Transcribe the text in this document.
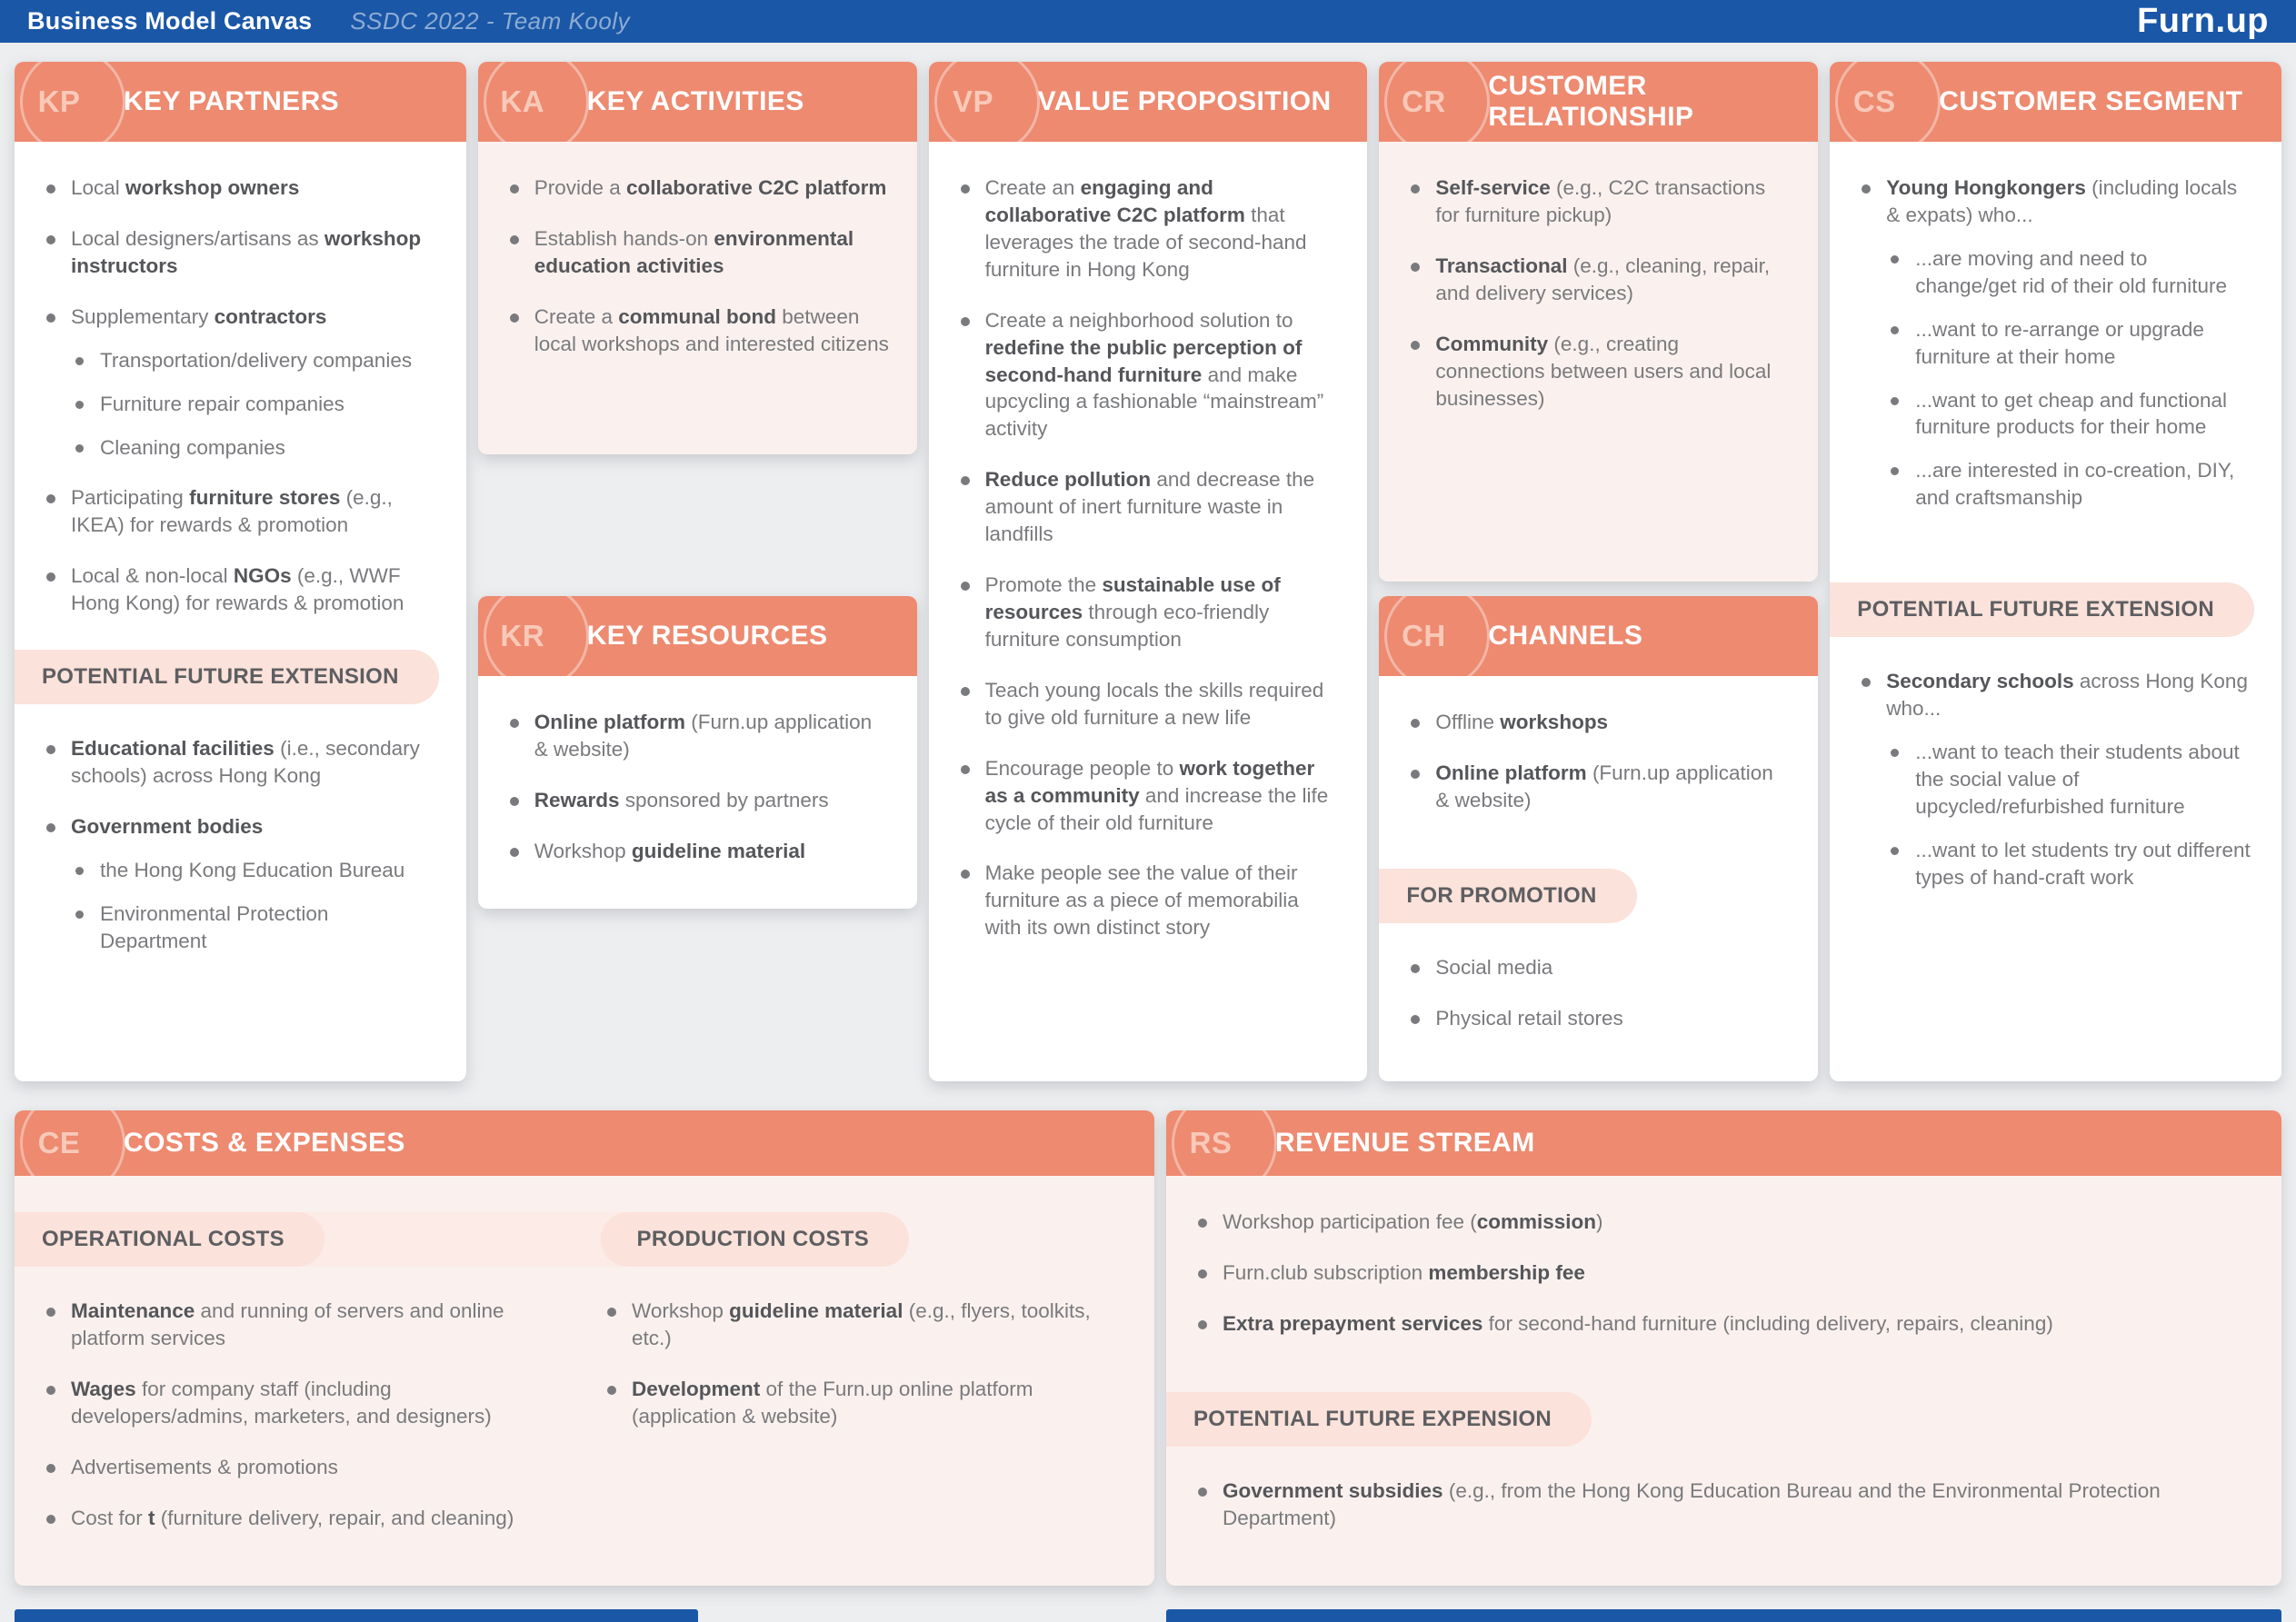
Business Model Canvas SSDC 2022 - Team Kooly	Furn.up
KP	KEY PARTNERS
Local workshop owners
Local designers/artisans as workshop instructors
Supplementary contractors
Transportation/delivery companies
Furniture repair companies
Cleaning companies
Participating furniture stores (e.g., IKEA) for rewards & promotion
Local & non-local NGOs (e.g., WWF Hong Kong) for rewards & promotion
POTENTIAL FUTURE EXTENSION
Educational facilities (i.e., secondary schools) across Hong Kong
Government bodies
the Hong Kong Education Bureau
Environmental Protection Department
KA	KEY ACTIVITIES
Provide a collaborative C2C platform
Establish hands-on environmental education activities
Create a communal bond between local workshops and interested citizens
KR	KEY RESOURCES
Online platform (Furn.up application & website)
Rewards sponsored by partners
Workshop guideline material
VP	VALUE PROPOSITION
Create an engaging and collaborative C2C platform that leverages the trade of second-hand furniture in Hong Kong
Create a neighborhood solution to redefine the public perception of second-hand furniture and make upcycling a fashionable “mainstream” activity
Reduce pollution and decrease the amount of inert furniture waste in landfills
Promote the sustainable use of resources through eco-friendly furniture consumption
Teach young locals the skills required to give old furniture a new life
Encourage people to work together as a community and increase the life cycle of their old furniture
Make people see the value of their furniture as a piece of memorabilia with its own distinct story
CR	CUSTOMER RELATIONSHIP
Self-service (e.g., C2C transactions for furniture pickup)
Transactional (e.g., cleaning, repair, and delivery services)
Community (e.g., creating connections between users and local businesses)
CH	CHANNELS
Offline workshops
Online platform (Furn.up application & website)
FOR PROMOTION
Social media
Physical retail stores
CS	CUSTOMER SEGMENT
Young Hongkongers (including locals & expats) who...
...are moving and need to change/get rid of their old furniture
...want to re-arrange or upgrade furniture at their home
...want to get cheap and functional furniture products for their home
...are interested in co-creation, DIY, and craftsmanship
POTENTIAL FUTURE EXTENSION
Secondary schools across Hong Kong who...
...want to teach their students about the social value of upcycled/refurbished furniture
...want to let students try out different types of hand-craft work
CE	COSTS & EXPENSES
OPERATIONAL COSTS	PRODUCTION COSTS
Maintenance and running of servers and online platform services
Wages for company staff (including developers/admins, marketers, and designers)
Advertisements & promotions
Cost for t (furniture delivery, repair, and cleaning)
Workshop guideline material (e.g., flyers, toolkits, etc.)
Development of the Furn.up online platform (application & website)
RS	REVENUE STREAM
Workshop participation fee (commission)
Furn.club subscription membership fee
Extra prepayment services for second-hand furniture (including delivery, repairs, cleaning)
POTENTIAL FUTURE EXPENSION
Government subsidies (e.g., from the Hong Kong Education Bureau and the Environmental Protection Department)
